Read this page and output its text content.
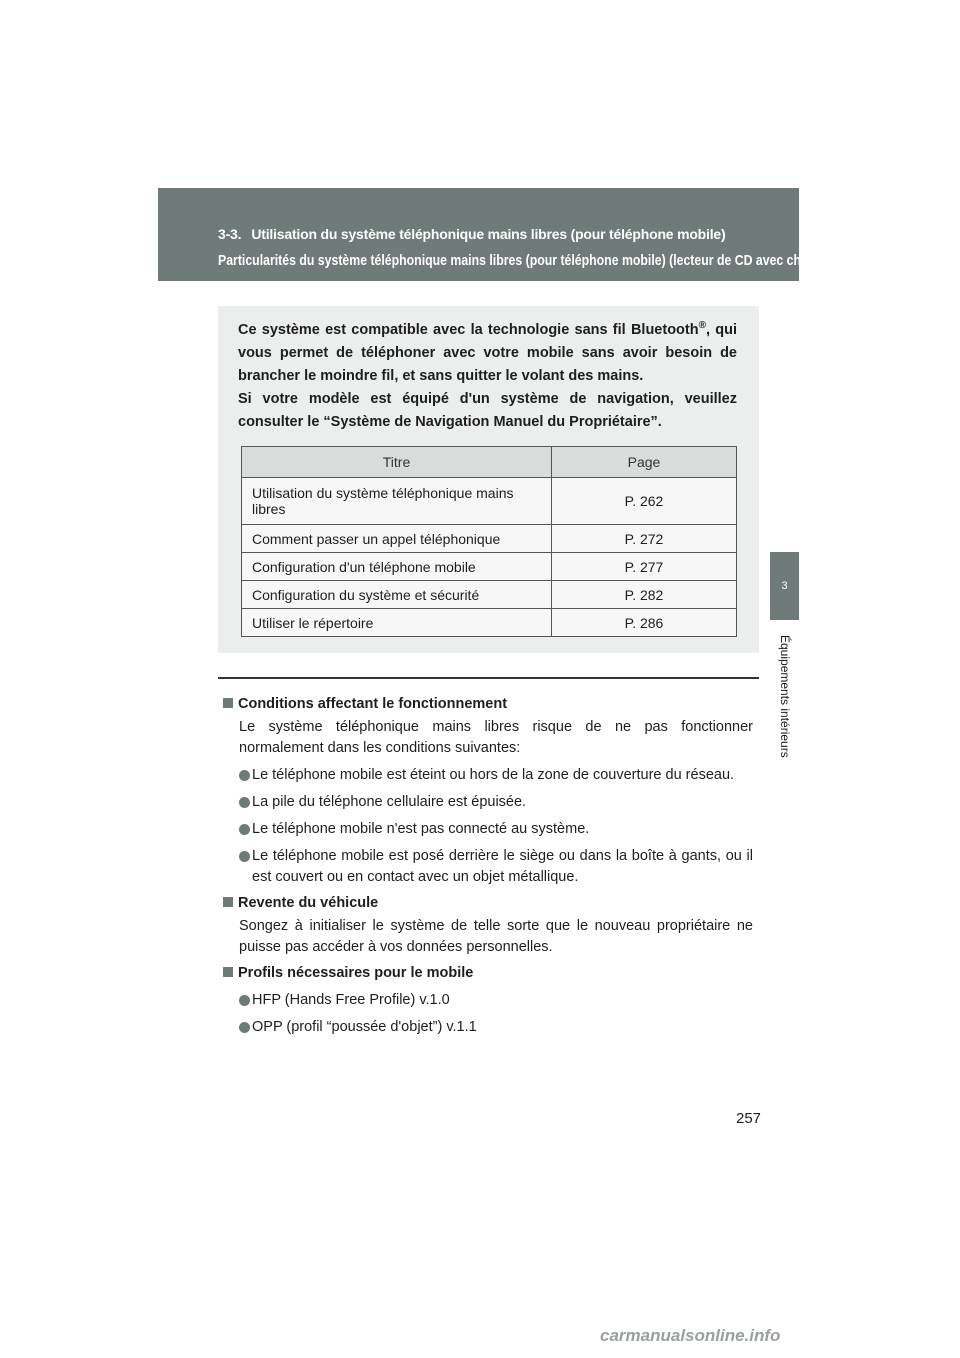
3-3. Utilisation du système téléphonique mains libres (pour téléphone mobile)
Particularités du système téléphonique mains libres (pour téléphone mobile) (lecteur de CD avec chargeur uniquement)
3
Équipements intérieurs

Ce système est compatible avec la technologie sans fil Bluetooth®, qui vous permet de téléphoner avec votre mobile sans avoir besoin de brancher le moindre fil, et sans quitter le volant des mains.

Si votre modèle est équipé d'un système de navigation, veuillez consulter le “Système de Navigation Manuel du Propriétaire”.

Titre	Page
Utilisation du système téléphonique mains libres	P. 262
Comment passer un appel téléphonique	P. 272
Configuration d'un téléphone mobile	P. 277
Configuration du système et sécurité	P. 282
Utiliser le répertoire	P. 286

Conditions affectant le fonctionnement

Le système téléphonique mains libres risque de ne pas fonctionner normalement dans les conditions suivantes:

Le téléphone mobile est éteint ou hors de la zone de couverture du réseau.
La pile du téléphone cellulaire est épuisée.
Le téléphone mobile n'est pas connecté au système.
Le téléphone mobile est posé derrière le siège ou dans la boîte à gants, ou il est couvert ou en contact avec un objet métallique.

Revente du véhicule

Songez à initialiser le système de telle sorte que le nouveau propriétaire ne puisse pas accéder à vos données personnelles.

Profils nécessaires pour le mobile

HFP (Hands Free Profile) v.1.0
OPP (profil “poussée d'objet”) v.1.1
257
carmanualsonline.info
